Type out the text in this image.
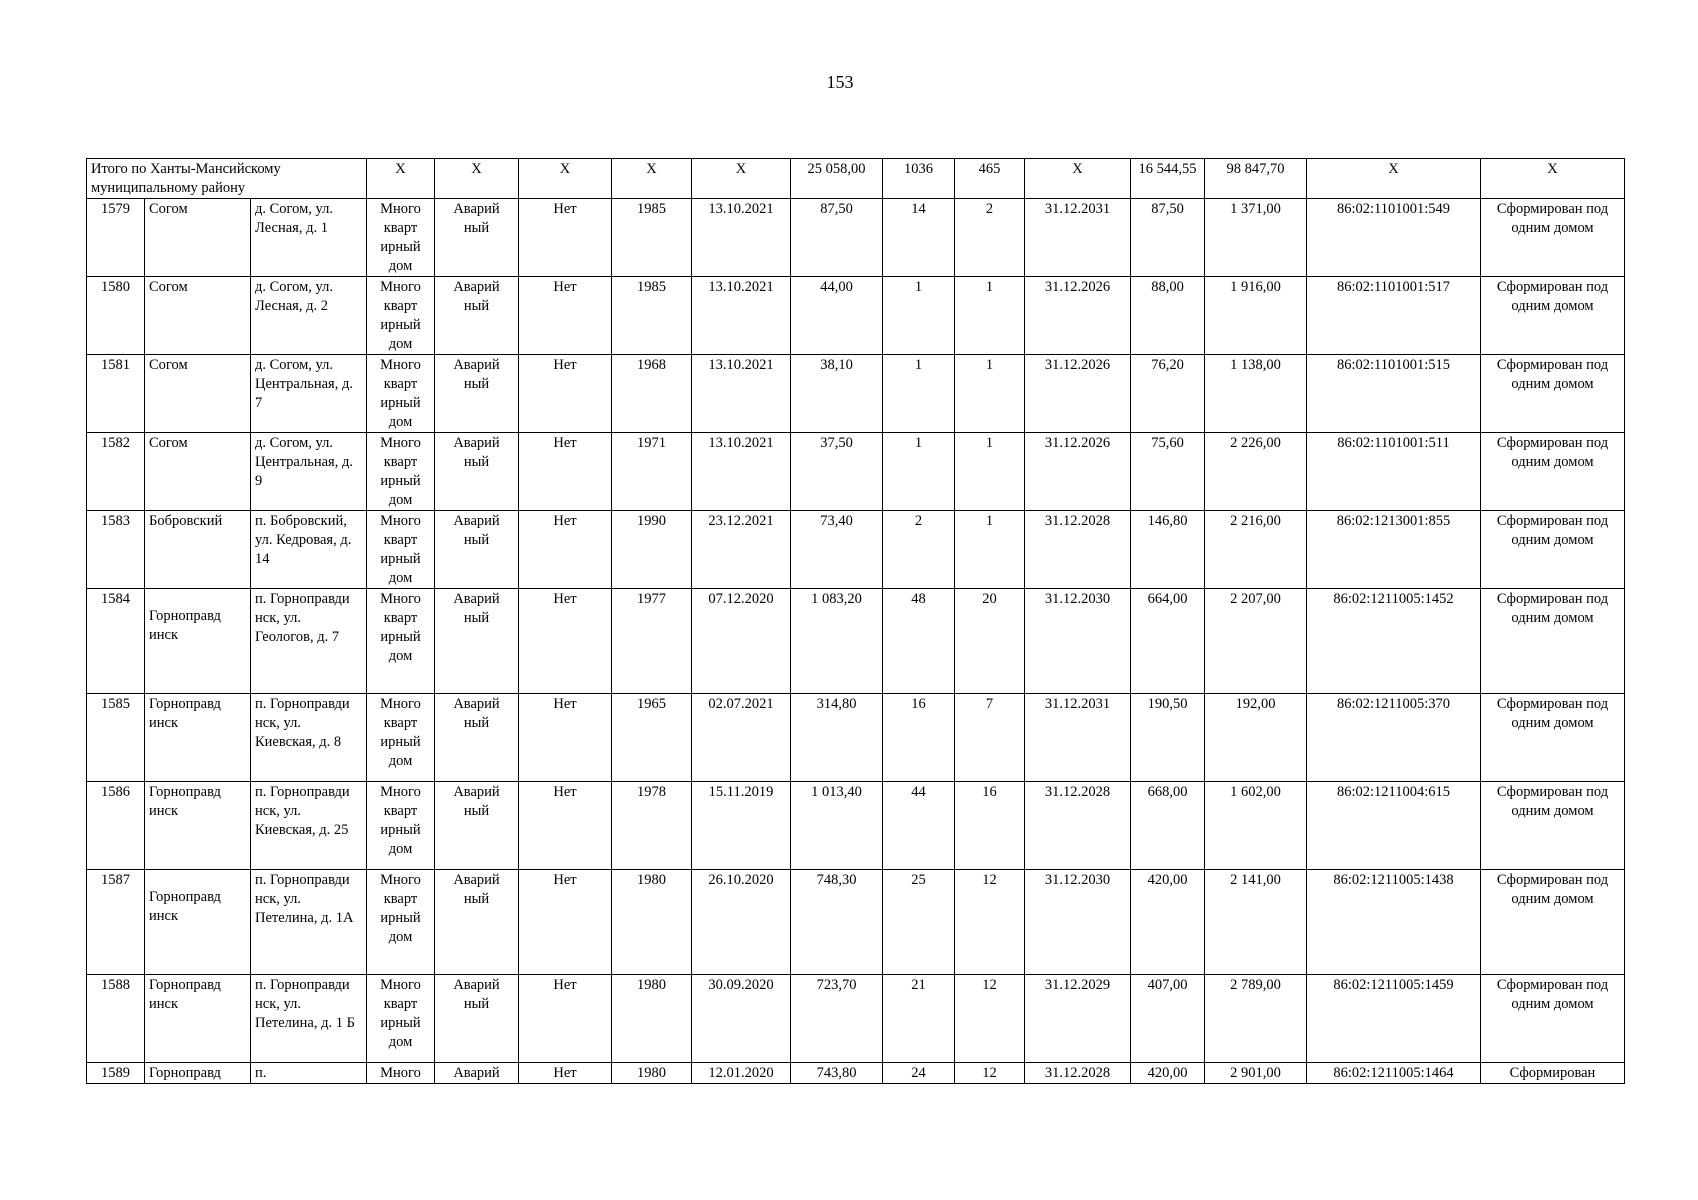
153
Итого по Ханты-Мансийскому муниципальному району			X	X	X	X	X	25 058,00	1036	465	X	16 544,55	98 847,70	X	X
1579	Согом	д. Согом, ул. Лесная, д. 1	Много кварт ирный дом	Аварий ный	Нет	1985	13.10.2021	87,50	14	2	31.12.2031	87,50	1 371,00	86:02:1101001:549	Сформирован под одним домом
1580	Согом	д. Согом, ул. Лесная, д. 2	Много кварт ирный дом	Аварий ный	Нет	1985	13.10.2021	44,00	1	1	31.12.2026	88,00	1 916,00	86:02:1101001:517	Сформирован под одним домом
1581	Согом	д. Согом, ул. Центральная, д. 7	Много кварт ирный дом	Аварий ный	Нет	1968	13.10.2021	38,10	1	1	31.12.2026	76,20	1 138,00	86:02:1101001:515	Сформирован под одним домом
1582	Согом	д. Согом, ул. Центральная, д. 9	Много кварт ирный дом	Аварий ный	Нет	1971	13.10.2021	37,50	1	1	31.12.2026	75,60	2 226,00	86:02:1101001:511	Сформирован под одним домом
1583	Бобровский	п. Бобровский, ул. Кедровая, д. 14	Много кварт ирный дом	Аварий ный	Нет	1990	23.12.2021	73,40	2	1	31.12.2028	146,80	2 216,00	86:02:1213001:855	Сформирован под одним домом
1584	Горноправд инск	п. Горноправди нск, ул. Геологов, д. 7	Много кварт ирный дом	Аварий ный	Нет	1977	07.12.2020	1 083,20	48	20	31.12.2030	664,00	2 207,00	86:02:1211005:1452	Сформирован под одним домом
1585	Горноправд инск	п. Горноправди нск, ул. Киевская, д. 8	Много кварт ирный дом	Аварий ный	Нет	1965	02.07.2021	314,80	16	7	31.12.2031	190,50	192,00	86:02:1211005:370	Сформирован под одним домом
1586	Горноправд инск	п. Горноправди нск, ул. Киевская, д. 25	Много кварт ирный дом	Аварий ный	Нет	1978	15.11.2019	1 013,40	44	16	31.12.2028	668,00	1 602,00	86:02:1211004:615	Сформирован под одним домом
1587	Горноправд инск	п. Горноправди нск, ул. Петелина, д. 1А	Много кварт ирный дом	Аварий ный	Нет	1980	26.10.2020	748,30	25	12	31.12.2030	420,00	2 141,00	86:02:1211005:1438	Сформирован под одним домом
1588	Горноправд инск	п. Горноправди нск, ул. Петелина, д. 1 Б	Много кварт ирный дом	Аварий ный	Нет	1980	30.09.2020	723,70	21	12	31.12.2029	407,00	2 789,00	86:02:1211005:1459	Сформирован под одним домом

1589	Горноправд	п.	Много	Аварий	Нет	1980	12.01.2020	743,80	24	12	31.12.2028	420,00	2 901,00	86:02:1211005:1464	Сформирован
